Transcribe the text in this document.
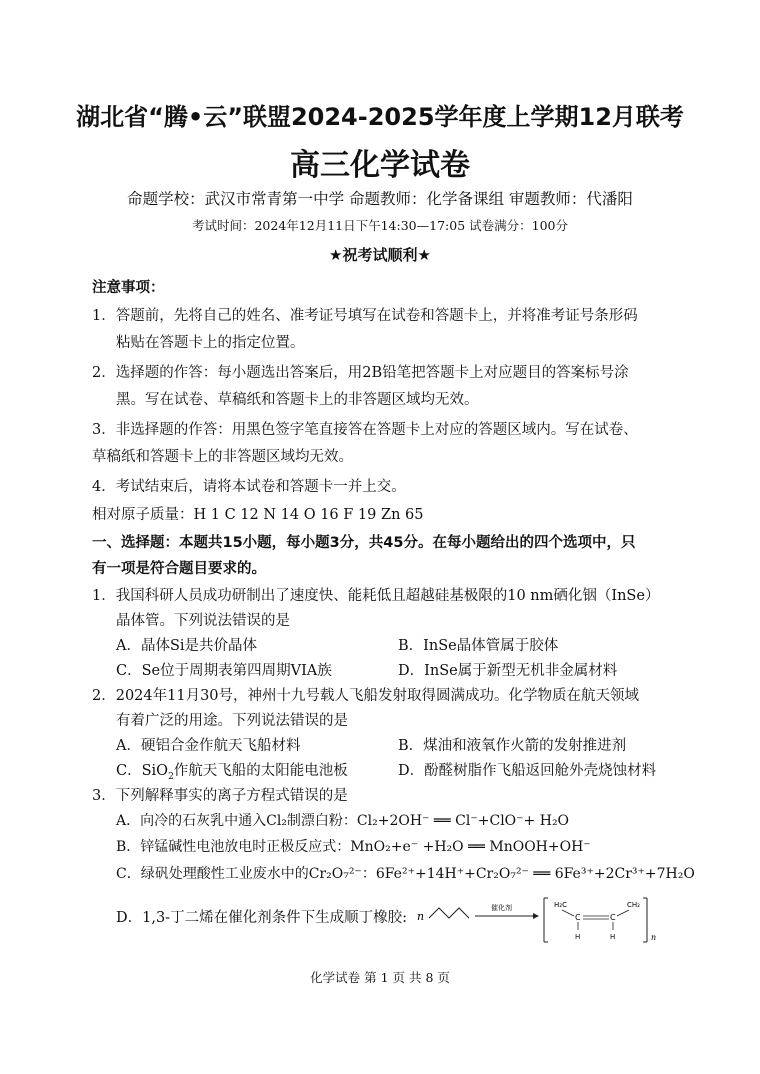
湖北省“腾•云”联盟2024-2025学年度上学期12月联考
高三化学试卷
命题学校：武汉市常青第一中学 命题教师：化学备课组 审题教师：代潘阳
考试时间：2024年12月11日下午14:30—17:05 试卷满分：100分
★祝考试顺利★
注意事项：
1．答题前，先将自己的姓名、准考证号填写在试卷和答题卡上，并将准考证号条形码
粘贴在答题卡上的指定位置。
2．选择题的作答：每小题选出答案后，用2B铅笔把答题卡上对应题目的答案标号涂
黑。写在试卷、草稿纸和答题卡上的非答题区域均无效。
3．非选择题的作答：用黑色签字笔直接答在答题卡上对应的答题区域内。写在试卷、
草稿纸和答题卡上的非答题区域均无效。
4．考试结束后，请将本试卷和答题卡一并上交。
相对原子质量：H 1 C 12 N 14 O 16 F 19 Zn 65
一、选择题：本题共15小题，每小题3分，共45分。在每小题给出的四个选项中，只
有一项是符合题目要求的。
1．我国科研人员成功研制出了速度快、能耗低且超越硅基极限的10 nm硒化铟（InSe）
晶体管。下列说法错误的是
A．晶体Si是共价晶体	B．InSe晶体管属于胶体
C．Se位于周期表第四周期VIA族	D．InSe属于新型无机非金属材料
2．2024年11月30号，神州十九号载人飞船发射取得圆满成功。化学物质在航天领域
有着广泛的用途。下列说法错误的是
A．硬铝合金作航天飞船材料	B．煤油和液氧作火箭的发射推进剂
C．SiO$_2$作航天飞船的太阳能电池板	D．酚醛树脂作飞船返回舱外壳烧蚀材料
3．下列解释事实的离子方程式错误的是
A．向冷的石灰乳中通入Cl₂制漂白粉：Cl₂+2OH⁻ ══ Cl⁻+ClO⁻+ H₂O
B．锌锰碱性电池放电时正极反应式：MnO₂+e⁻ +H₂O ══ MnOOH+OH⁻
C．绿矾处理酸性工业废水中的Cr₂O₇²⁻：6Fe²⁺+14H⁺+Cr₂O₇²⁻ ══ 6Fe³⁺+2Cr³⁺+7H₂O
D．1,3-丁二烯在催化剂条件下生成顺丁橡胶: n
催化剂	H₂C	CH₂
C	C
H	H	n
化学试卷 第 1 页 共 8 页
